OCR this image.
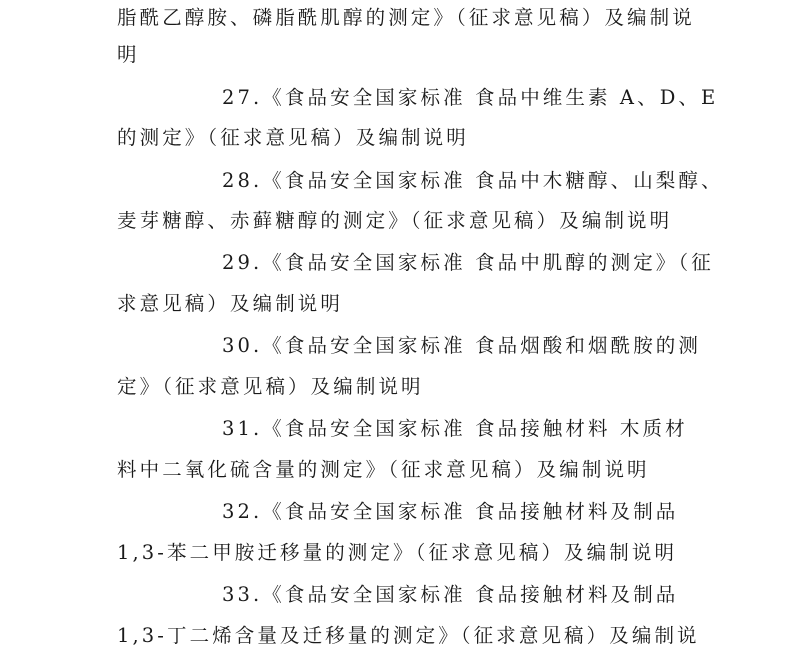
脂酰乙醇胺、磷脂酰肌醇的测定》（征求意见稿）及编制说
明
27.《食品安全国家标准 食品中维生素 A、D、E
的测定》（征求意见稿）及编制说明
28.《食品安全国家标准 食品中木糖醇、山梨醇、
麦芽糖醇、赤藓糖醇的测定》（征求意见稿）及编制说明
29.《食品安全国家标准 食品中肌醇的测定》（征
求意见稿）及编制说明
30.《食品安全国家标准 食品烟酸和烟酰胺的测
定》（征求意见稿）及编制说明
31.《食品安全国家标准 食品接触材料 木质材
料中二氧化硫含量的测定》（征求意见稿）及编制说明
32.《食品安全国家标准 食品接触材料及制品
1,3-苯二甲胺迁移量的测定》（征求意见稿）及编制说明
33.《食品安全国家标准 食品接触材料及制品
1,3-丁二烯含量及迁移量的测定》（征求意见稿）及编制说
